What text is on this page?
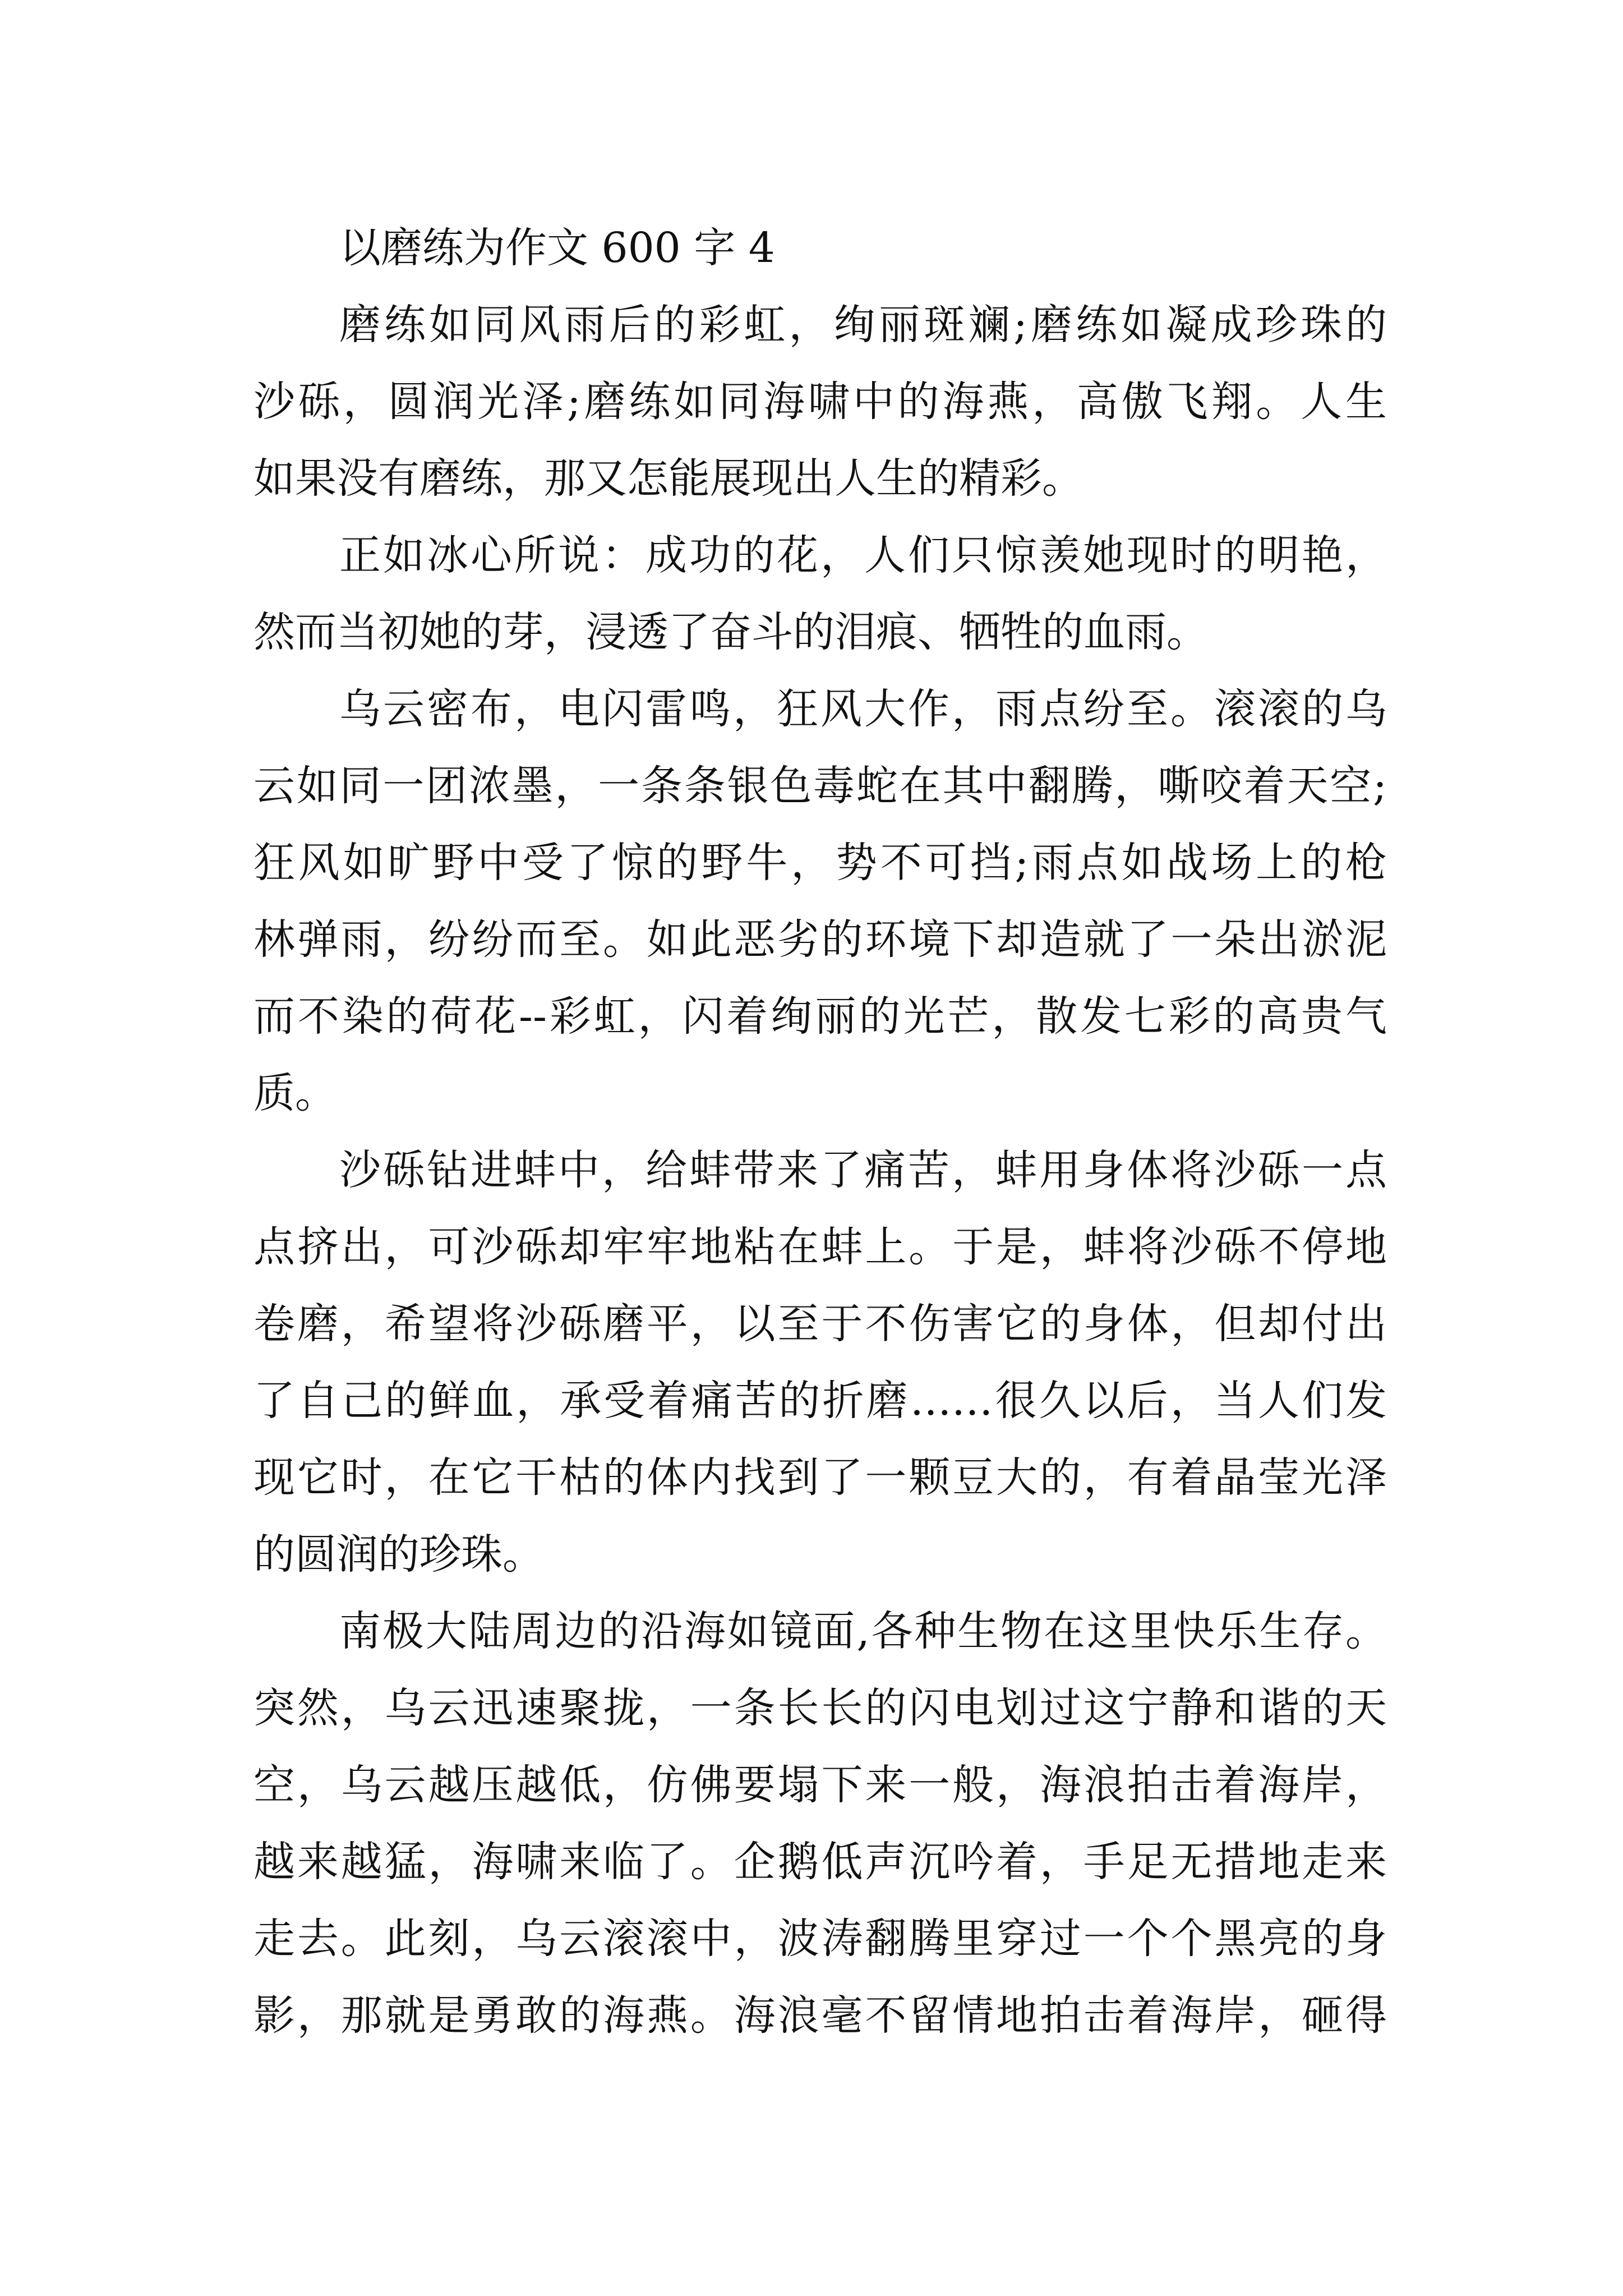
以磨练为作文 600 字 4
磨练如同风雨后的彩虹，绚丽斑斓;磨练如凝成珍珠的
沙砾，圆润光泽;磨练如同海啸中的海燕，高傲飞翔。人生
如果没有磨练，那又怎能展现出人生的精彩。
正如冰心所说：成功的花，人们只惊羡她现时的明艳，
然而当初她的芽，浸透了奋斗的泪痕、牺牲的血雨。
乌云密布，电闪雷鸣，狂风大作，雨点纷至。滚滚的乌
云如同一团浓墨，一条条银色毒蛇在其中翻腾，嘶咬着天空;
狂风如旷野中受了惊的野牛，势不可挡;雨点如战场上的枪
林弹雨，纷纷而至。如此恶劣的环境下却造就了一朵出淤泥
而不染的荷花--彩虹，闪着绚丽的光芒，散发七彩的高贵气
质。
沙砾钻进蚌中，给蚌带来了痛苦，蚌用身体将沙砾一点
点挤出，可沙砾却牢牢地粘在蚌上。于是，蚌将沙砾不停地
卷磨，希望将沙砾磨平，以至于不伤害它的身体，但却付出
了自己的鲜血，承受着痛苦的折磨……很久以后，当人们发
现它时，在它干枯的体内找到了一颗豆大的，有着晶莹光泽
的圆润的珍珠。
南极大陆周边的沿海如镜面,各种生物在这里快乐生存。
突然，乌云迅速聚拢，一条长长的闪电划过这宁静和谐的天
空，乌云越压越低，仿佛要塌下来一般，海浪拍击着海岸，
越来越猛，海啸来临了。企鹅低声沉吟着，手足无措地走来
走去。此刻，乌云滚滚中，波涛翻腾里穿过一个个黑亮的身
影，那就是勇敢的海燕。海浪毫不留情地拍击着海岸，砸得
